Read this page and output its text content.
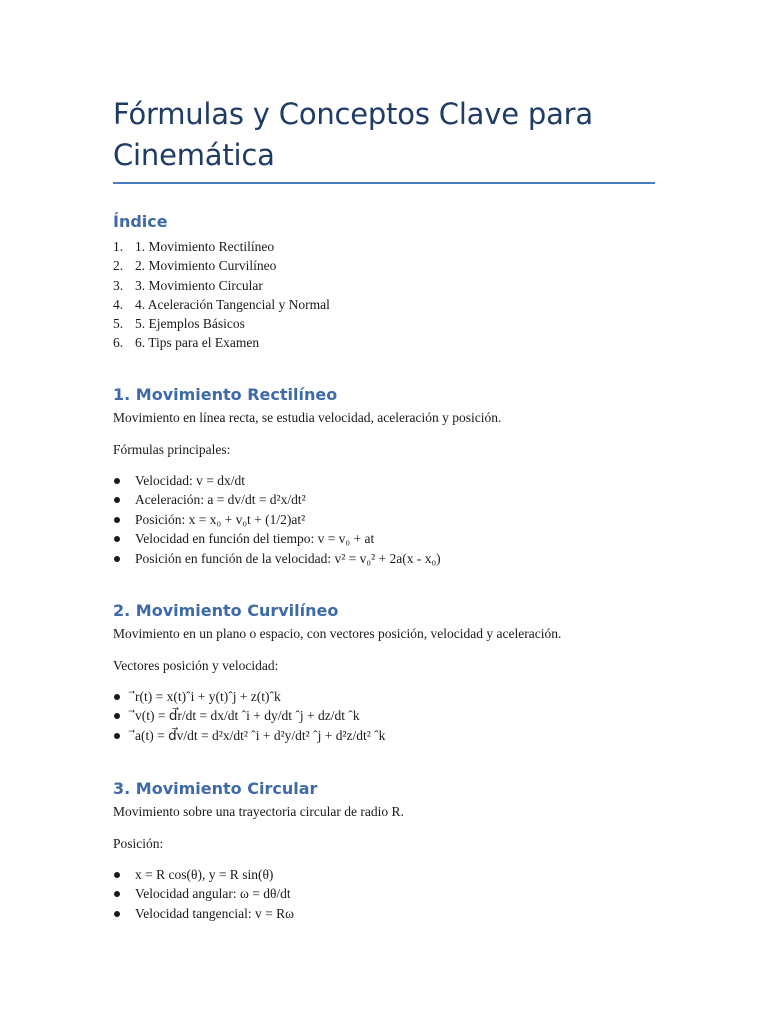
Fórmulas y Conceptos Clave para
Cinemática
Índice
1. 1. Movimiento Rectilíneo
2. 2. Movimiento Curvilíneo
3. 3. Movimiento Circular
4. 4. Aceleración Tangencial y Normal
5. 5. Ejemplos Básicos
6. 6. Tips para el Examen
1. Movimiento Rectilíneo

Movimiento en línea recta, se estudia velocidad, aceleración y posición.

Fórmulas principales:

Velocidad: v = dx/dt
Aceleración: a = dv/dt = d²x/dt²
Posición: x = x₀ + v₀t + (1/2)at²
Velocidad en función del tiempo: v = v₀ + at
Posición en función de la velocidad: v² = v₀² + 2a(x - x₀)
2. Movimiento Curvilíneo

Movimiento en un plano o espacio, con vectores posición, velocidad y aceleración.

Vectores posición y velocidad:

⃗r(t) = x(t)ˆi + y(t)ˆj + z(t)ˆk
⃗v(t) = d⃗r/dt = dx/dt ˆi + dy/dt ˆj + dz/dt ˆk
⃗a(t) = d⃗v/dt = d²x/dt² ˆi + d²y/dt² ˆj + d²z/dt² ˆk
3. Movimiento Circular

Movimiento sobre una trayectoria circular de radio R.

Posición:

x = R cos(θ), y = R sin(θ)
Velocidad angular: ω = dθ/dt
Velocidad tangencial: v = Rω
